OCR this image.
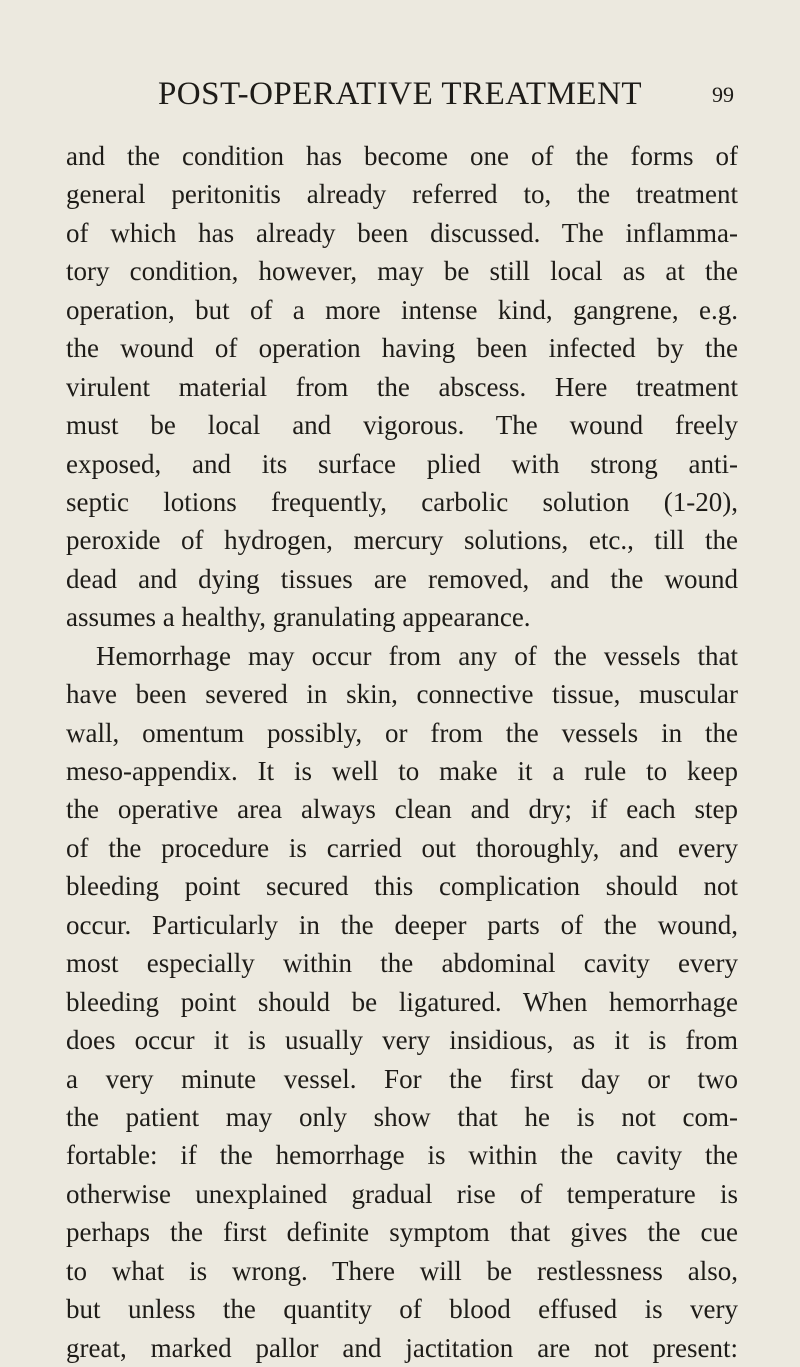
POST-OPERATIVE TREATMENT	99
and the condition has become one of the forms of
general peritonitis already referred to, the treatment
of which has already been discussed. The inflamma-
tory condition, however, may be still local as at the
operation, but of a more intense kind, gangrene, e.g.
the wound of operation having been infected by the
virulent material from the abscess. Here treatment
must be local and vigorous. The wound freely
exposed, and its surface plied with strong anti-
septic lotions frequently, carbolic solution (1-20),
peroxide of hydrogen, mercury solutions, etc., till the
dead and dying tissues are removed, and the wound
assumes a healthy, granulating appearance.
Hemorrhage may occur from any of the vessels that
have been severed in skin, connective tissue, muscular
wall, omentum possibly, or from the vessels in the
meso-appendix. It is well to make it a rule to keep
the operative area always clean and dry; if each step
of the procedure is carried out thoroughly, and every
bleeding point secured this complication should not
occur. Particularly in the deeper parts of the wound,
most especially within the abdominal cavity every
bleeding point should be ligatured. When hemorrhage
does occur it is usually very insidious, as it is from
a very minute vessel. For the first day or two
the patient may only show that he is not com-
fortable: if the hemorrhage is within the cavity the
otherwise unexplained gradual rise of temperature is
perhaps the first definite symptom that gives the cue
to what is wrong. There will be restlessness also,
but unless the quantity of blood effused is very
great, marked pallor and jactitation are not present:
